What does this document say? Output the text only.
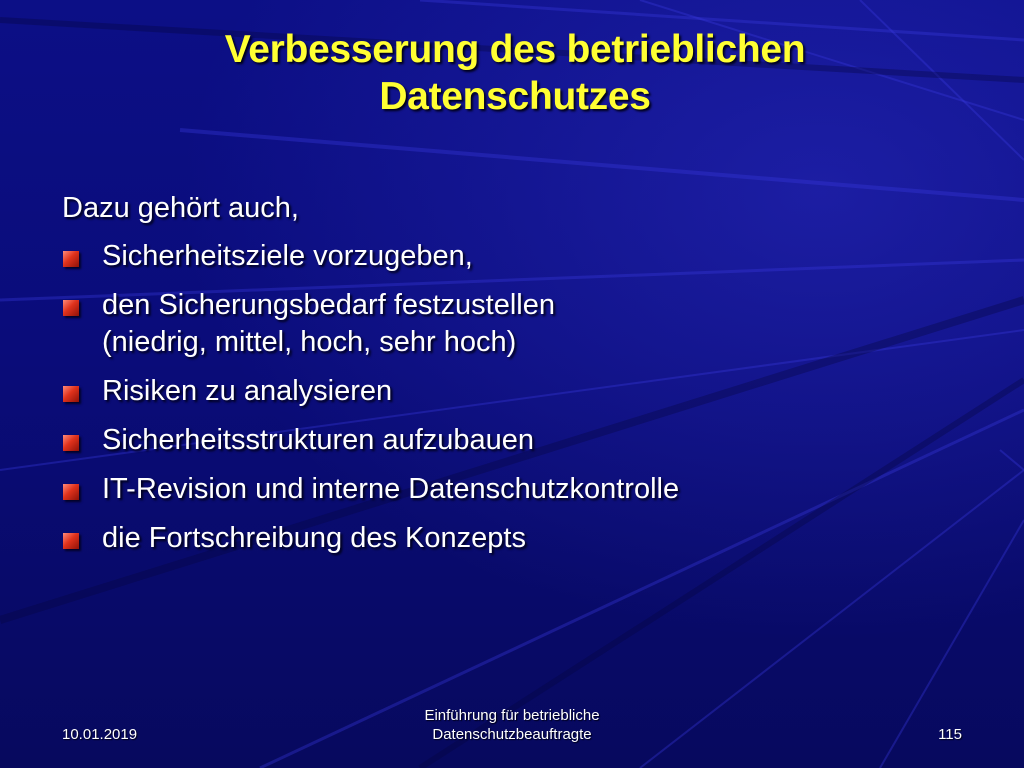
Verbesserung des betrieblichen
Datenschutzes
Dazu gehört auch,
Sicherheitsziele vorzugeben,
den Sicherungsbedarf festzustellen
(niedrig, mittel, hoch, sehr hoch)
Risiken zu analysieren
Sicherheitsstrukturen aufzubauen
IT-Revision und interne Datenschutzkontrolle
die Fortschreibung des Konzepts
10.01.2019
Einführung für betriebliche
Datenschutzbeauftragte	115
